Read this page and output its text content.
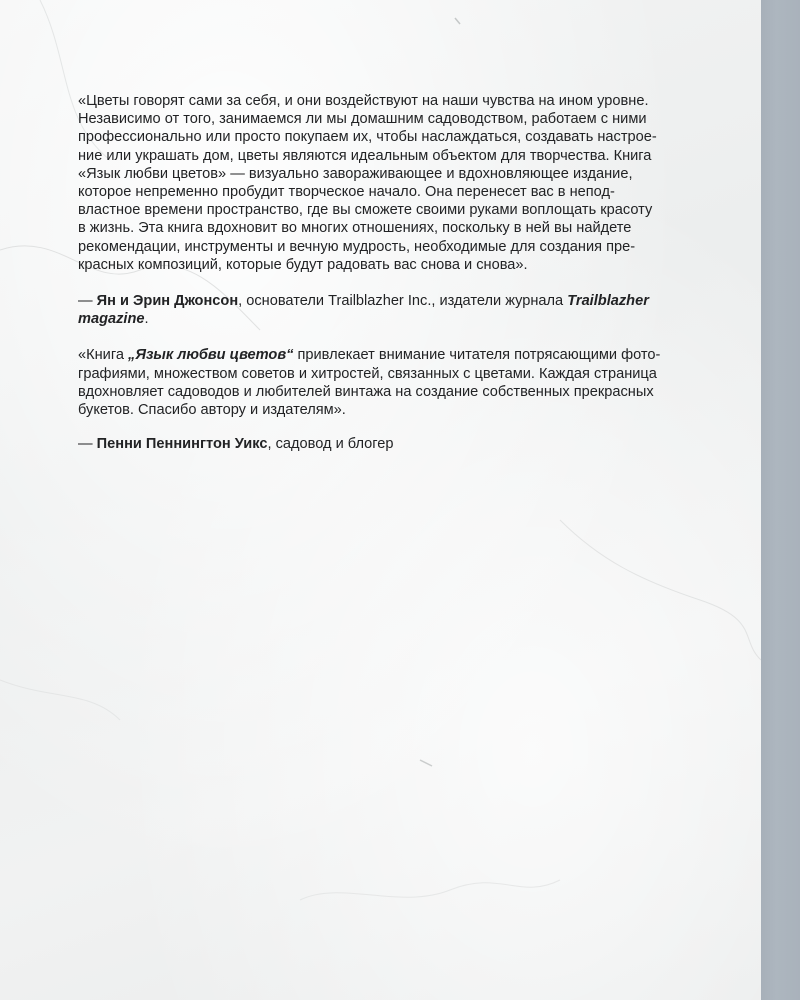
«Цветы говорят сами за себя, и они воздействуют на наши чувства на ином уровне.
Независимо от того, занимаемся ли мы домашним садоводством, работаем с ними
профессионально или просто покупаем их, чтобы наслаждаться, создавать настрое-
ние или украшать дом, цветы являются идеальным объектом для творчества. Книга
«Язык любви цветов» — визуально завораживающее и вдохновляющее издание,
которое непременно пробудит творческое начало. Она перенесет вас в непод-
властное времени пространство, где вы сможете своими руками воплощать красоту
в жизнь. Эта книга вдохновит во многих отношениях, поскольку в ней вы найдете
рекомендации, инструменты и вечную мудрость, необходимые для создания пре-
красных композиций, которые будут радовать вас снова и снова».

— Ян и Эрин Джонсон, основатели Trailblazher Inc., издатели журнала Trailblazher
magazine.

«Книга „Язык любви цветов“ привлекает внимание читателя потрясающими фото-
графиями, множеством советов и хитростей, связанных с цветами. Каждая страница
вдохновляет садоводов и любителей винтажа на создание собственных прекрасных
букетов. Спасибо автору и издателям».

— Пенни Пеннингтон Уикс, садовод и блогер
